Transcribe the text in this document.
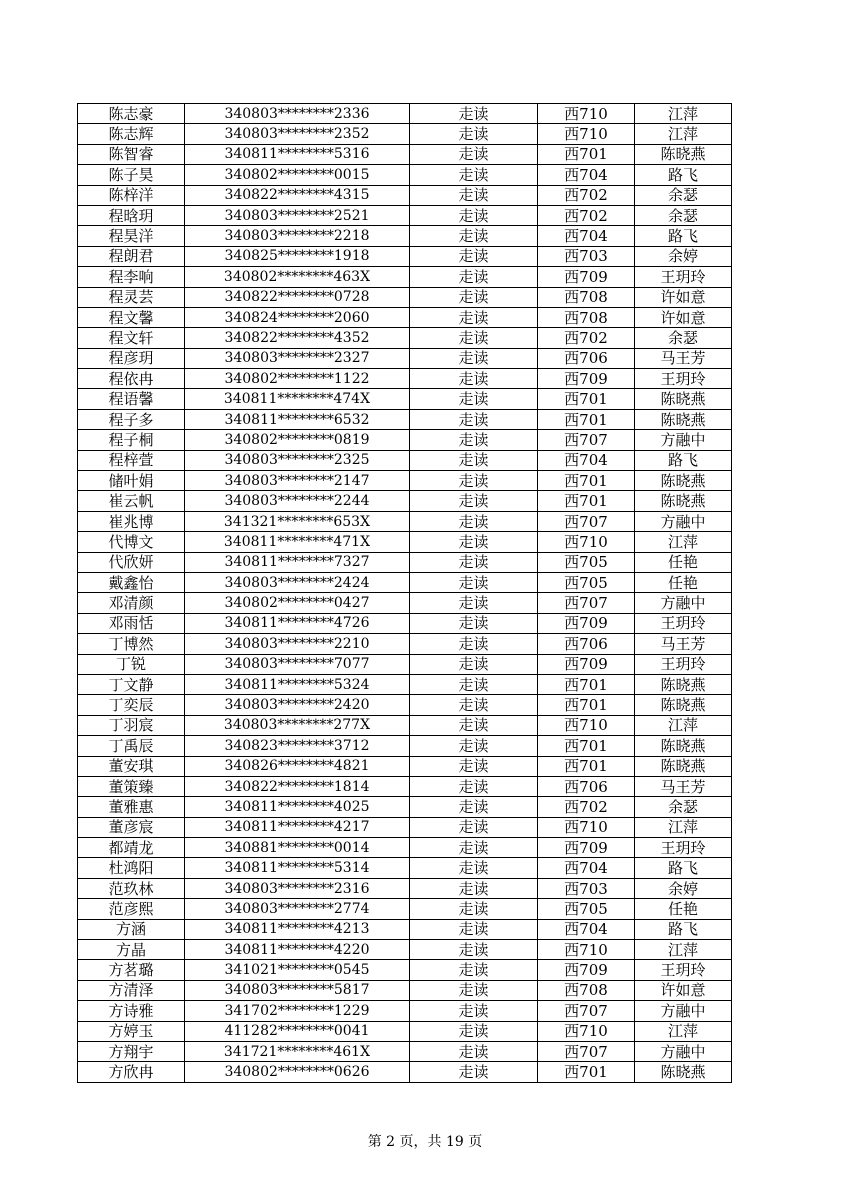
陈志豪	340803********2336	走读	西710	江萍
陈志辉	340803********2352	走读	西710	江萍
陈智睿	340811********5316	走读	西701	陈晓燕
陈子昊	340802********0015	走读	西704	路飞
陈梓洋	340822********4315	走读	西702	余瑟
程晗玥	340803********2521	走读	西702	余瑟
程昊洋	340803********2218	走读	西704	路飞
程朗君	340825********1918	走读	西703	余婷
程李响	340802********463X	走读	西709	王玥玲
程灵芸	340822********0728	走读	西708	许如意
程文馨	340824********2060	走读	西708	许如意
程文轩	340822********4352	走读	西702	余瑟
程彦玥	340803********2327	走读	西706	马王芳
程依冉	340802********1122	走读	西709	王玥玲
程语馨	340811********474X	走读	西701	陈晓燕
程子多	340811********6532	走读	西701	陈晓燕
程子桐	340802********0819	走读	西707	方融中
程梓萱	340803********2325	走读	西704	路飞
储叶娟	340803********2147	走读	西701	陈晓燕
崔云帆	340803********2244	走读	西701	陈晓燕
崔兆博	341321********653X	走读	西707	方融中
代博文	340811********471X	走读	西710	江萍
代欣妍	340811********7327	走读	西705	任艳
戴鑫怡	340803********2424	走读	西705	任艳
邓清颜	340802********0427	走读	西707	方融中
邓雨恬	340811********4726	走读	西709	王玥玲
丁博然	340803********2210	走读	西706	马王芳
丁锐	340803********7077	走读	西709	王玥玲
丁文静	340811********5324	走读	西701	陈晓燕
丁奕辰	340803********2420	走读	西701	陈晓燕
丁羽宸	340803********277X	走读	西710	江萍
丁禹辰	340823********3712	走读	西701	陈晓燕
董安琪	340826********4821	走读	西701	陈晓燕
董策臻	340822********1814	走读	西706	马王芳
董雅惠	340811********4025	走读	西702	余瑟
董彦宸	340811********4217	走读	西710	江萍
都靖龙	340881********0014	走读	西709	王玥玲
杜鸿阳	340811********5314	走读	西704	路飞
范玖林	340803********2316	走读	西703	余婷
范彦熙	340803********2774	走读	西705	任艳
方涵	340811********4213	走读	西704	路飞
方晶	340811********4220	走读	西710	江萍
方茗璐	341021********0545	走读	西709	王玥玲
方清泽	340803********5817	走读	西708	许如意
方诗雅	341702********1229	走读	西707	方融中
方婷玉	411282********0041	走读	西710	江萍
方翔宇	341721********461X	走读	西707	方融中
方欣冉	340802********0626	走读	西701	陈晓燕
第 2 页，共 19 页
